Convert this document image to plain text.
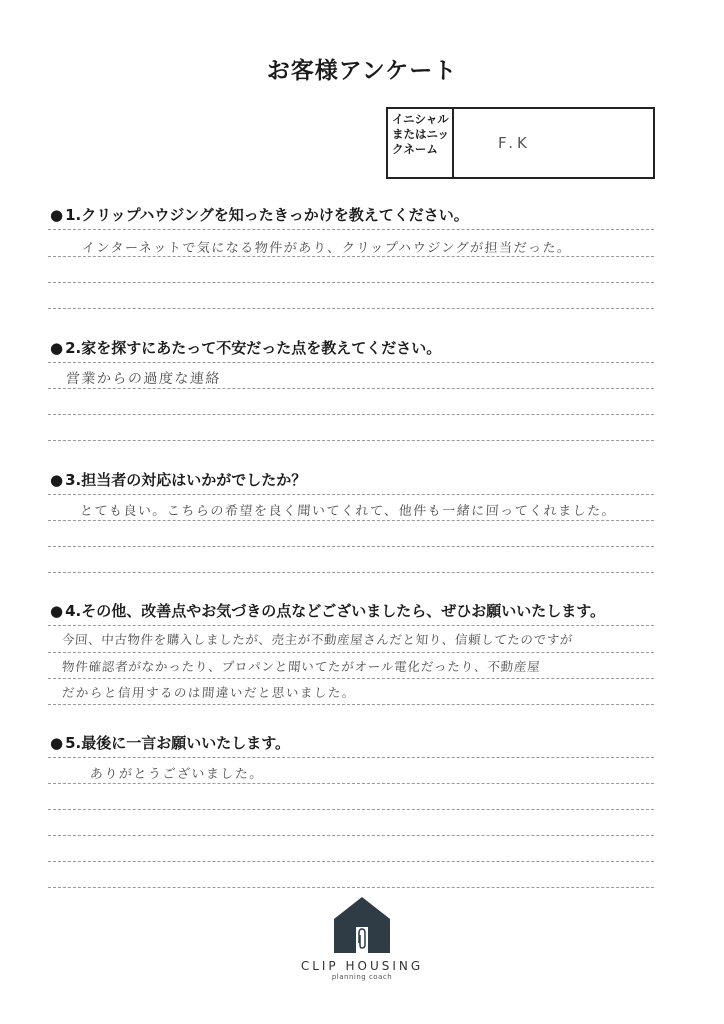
お客様アンケート
イニシャルまたはニックネーム	F.K
● 1.クリップハウジングを知ったきっかけを教えてください。
インターネットで気になる物件があり、クリップハウジングが担当だった。
● 2.家を探すにあたって不安だった点を教えてください。
営業からの過度な連絡
● 3.担当者の対応はいかがでしたか？
とても良い。こちらの希望を良く聞いてくれて、他件も一緒に回ってくれました。
● 4.その他、改善点やお気づきの点などございましたら、ぜひお願いいたします。
今回、中古物件を購入しましたが、売主が不動産屋さんだと知り、信頼してたのですが
物件確認者がなかったり、プロパンと聞いてたがオール電化だったり、不動産屋
だからと信用するのは間違いだと思いました。
● 5.最後に一言お願いいたします。
ありがとうございました。
CLIP HOUSING
planning coach
